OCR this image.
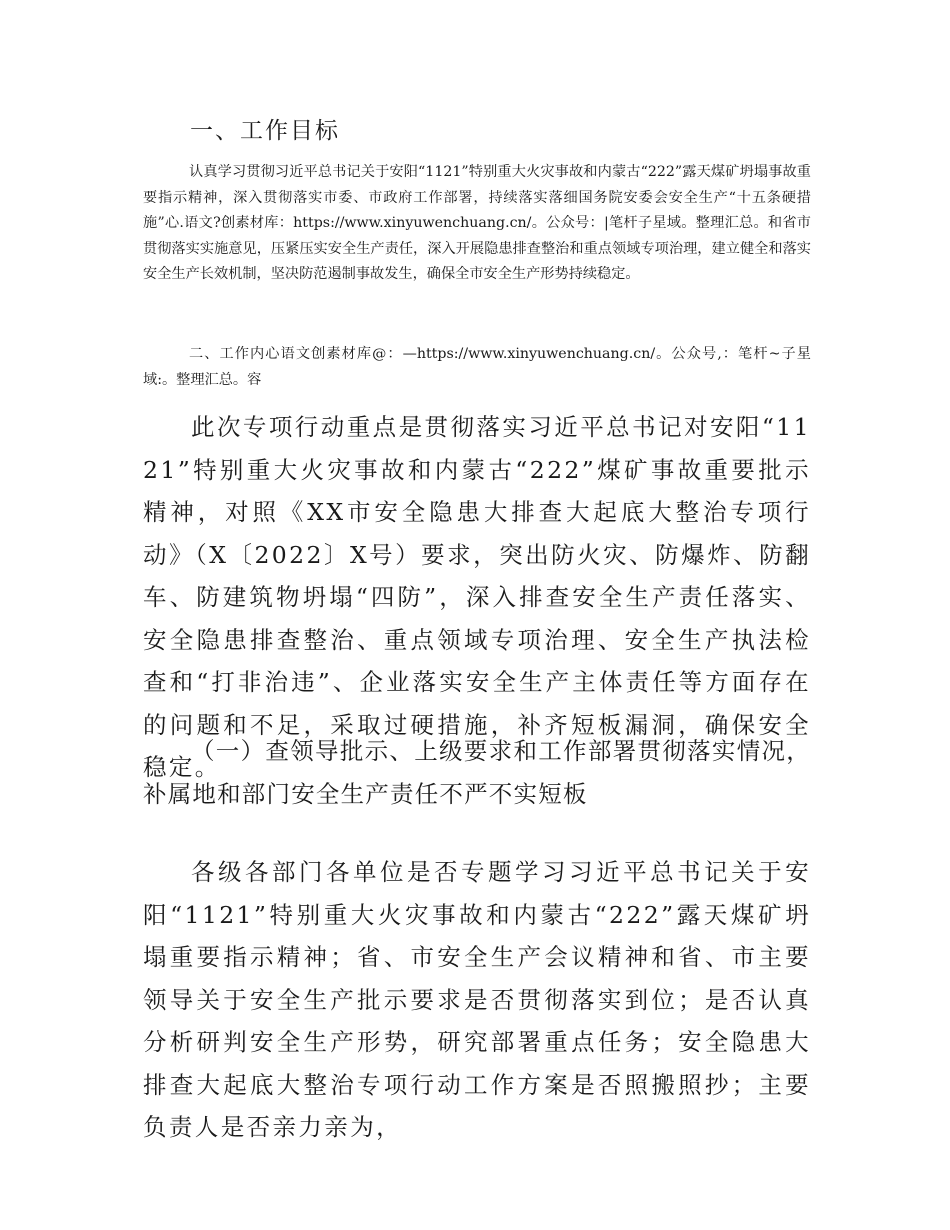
一、工作目标

认真学习贯彻习近平总书记关于安阳“1121”特别重大火灾事故和内蒙古“222”露天煤矿坍塌事故重要指示精神，深入贯彻落实市委、市政府工作部署，持续落实落细国务院安委会安全生产“十五条硬措施”心.语文?创素材库：https://www.xinyuwenchuang.cn/。公众号：|笔杆子星域。整理汇总。和省市贯彻落实实施意见，压紧压实安全生产责任，深入开展隐患排查整治和重点领域专项治理，建立健全和落实安全生产长效机制，坚决防范遏制事故发生，确保全市安全生产形势持续稳定。

二、工作内心语文创素材库@：—https://www.xinyuwenchuang.cn/。公众号,：笔杆~子星域:。整理汇总。容

此次专项行动重点是贯彻落实习近平总书记对安阳“1121”特别重大火灾事故和内蒙古“222”煤矿事故重要批示精神，对照《XX市安全隐患大排查大起底大整治专项行动》（X〔2022〕X号）要求，突出防火灾、防爆炸、防翻车、防建筑物坍塌“四防”，深入排查安全生产责任落实、安全隐患排查整治、重点领域专项治理、安全生产执法检查和“打非治违”、企业落实安全生产主体责任等方面存在的问题和不足，采取过硬措施，补齐短板漏洞，确保安全稳定。

（一）查领导批示、上级要求和工作部署贯彻落实情况，补属地和部门安全生产责任不严不实短板

各级各部门各单位是否专题学习习近平总书记关于安阳“1121”特别重大火灾事故和内蒙古“222”露天煤矿坍塌重要指示精神；省、市安全生产会议精神和省、市主要领导关于安全生产批示要求是否贯彻落实到位；是否认真分析研判安全生产形势，研究部署重点任务；安全隐患大排查大起底大整治专项行动工作方案是否照搬照抄；主要负责人是否亲力亲为，
